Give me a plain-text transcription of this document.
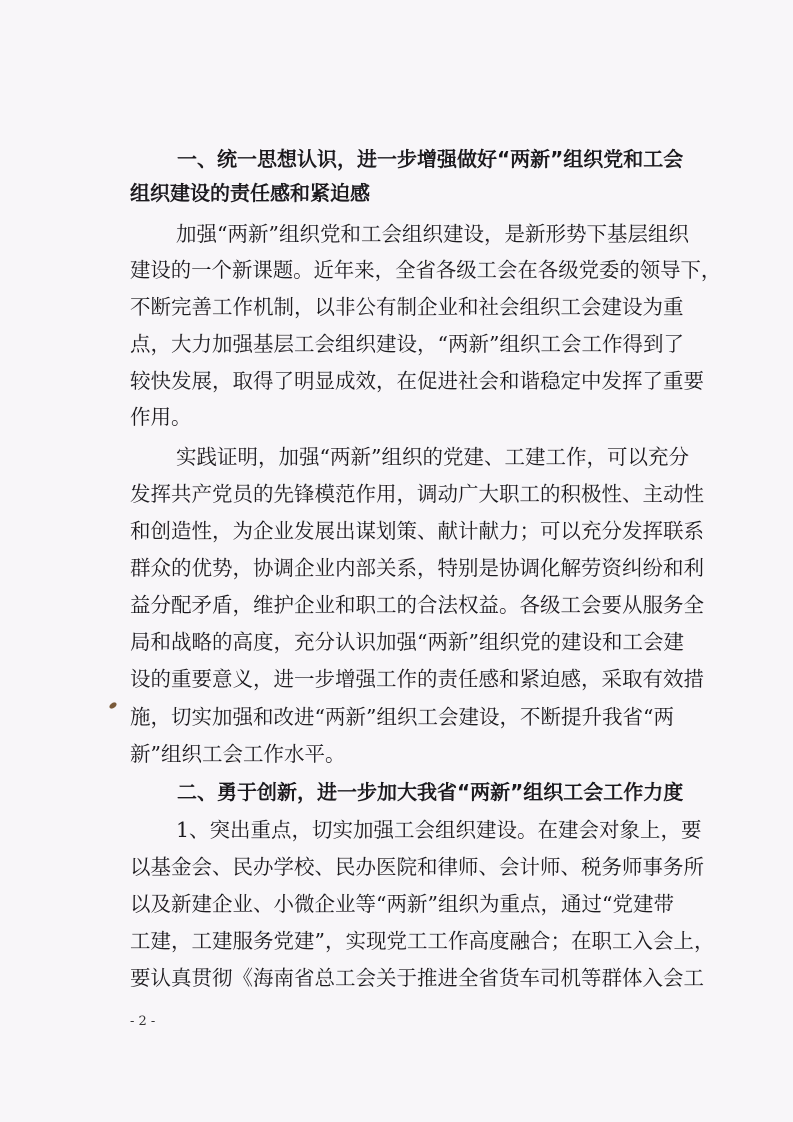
一、统一思想认识，进一步增强做好“两新”组织党和工会
组织建设的责任感和紧迫感
加强“两新”组织党和工会组织建设，是新形势下基层组织
建设的一个新课题。近年来，全省各级工会在各级党委的领导下，
不断完善工作机制，以非公有制企业和社会组织工会建设为重
点，大力加强基层工会组织建设，“两新”组织工会工作得到了
较快发展，取得了明显成效，在促进社会和谐稳定中发挥了重要
作用。
实践证明，加强“两新”组织的党建、工建工作，可以充分
发挥共产党员的先锋模范作用，调动广大职工的积极性、主动性
和创造性，为企业发展出谋划策、献计献力；可以充分发挥联系
群众的优势，协调企业内部关系，特别是协调化解劳资纠纷和利
益分配矛盾，维护企业和职工的合法权益。各级工会要从服务全
局和战略的高度，充分认识加强“两新”组织党的建设和工会建
设的重要意义，进一步增强工作的责任感和紧迫感，采取有效措
施，切实加强和改进“两新”组织工会建设，不断提升我省“两
新”组织工会工作水平。
二、勇于创新，进一步加大我省“两新”组织工会工作力度
1、突出重点，切实加强工会组织建设。在建会对象上，要
以基金会、民办学校、民办医院和律师、会计师、税务师事务所
以及新建企业、小微企业等“两新”组织为重点，通过“党建带
工建，工建服务党建”，实现党工工作高度融合；在职工入会上，
要认真贯彻《海南省总工会关于推进全省货车司机等群体入会工
- 2 -
